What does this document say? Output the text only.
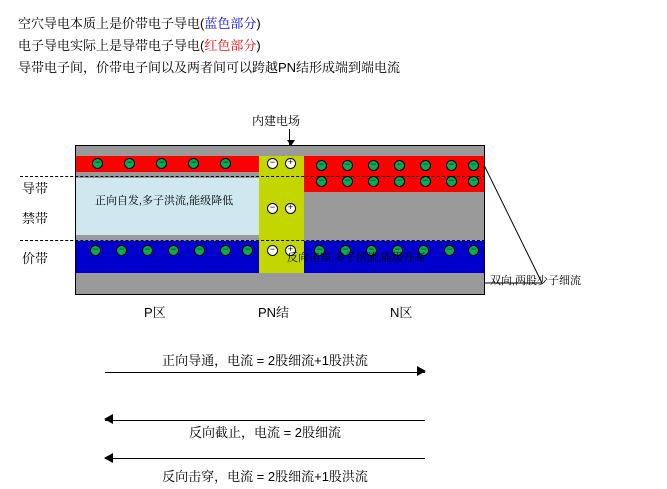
空穴导电本质上是价带电子导电(蓝色部分)
电子导电实际上是导带电子导电(红色部分)
导带电子间，价带电子间以及两者间可以跨越PN结形成端到端电流
内建电场
−	−	−	−	−
−	−	−	−	−	−	−
−	+
−	+
−	+
−	−	−	−	−	−	−
−	−	−	−	−	−	−
−	−	−	−	−	−	−
导带
禁带
价带
正向自发,多子洪流,能级降低
反向击穿,多子洪流,能级升高
双向,两股少子细流
P区	PN结	N区
正向导通，电流 = 2股细流+1股洪流
反向截止，电流 = 2股细流
反向击穿，电流 = 2股细流+1股洪流
